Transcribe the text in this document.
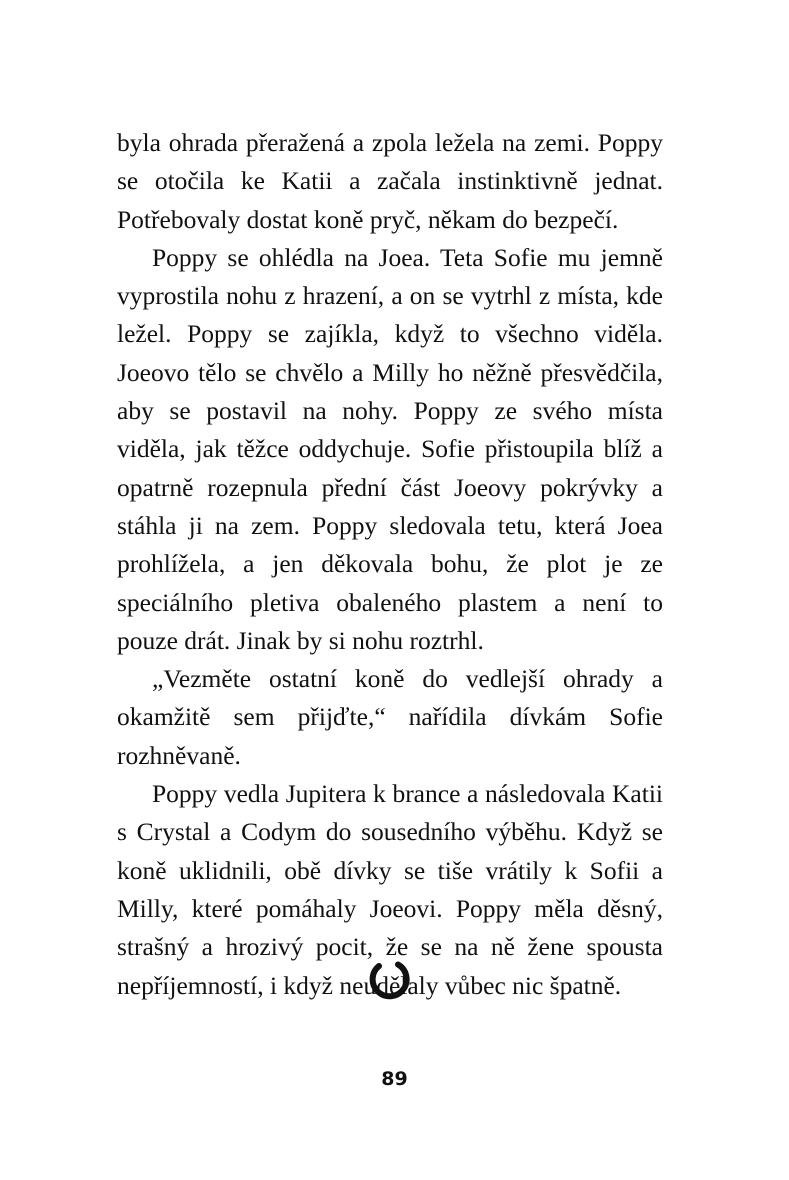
byla ohrada přeražená a zpola ležela na zemi. Poppy se otočila ke Katii a začala instinktivně jednat. Potřebovaly dostat koně pryč, někam do bezpečí.

Poppy se ohlédla na Joea. Teta Sofie mu jemně vyprostila nohu z hrazení, a on se vytrhl z místa, kde ležel. Poppy se zajíkla, když to všechno viděla. Joeovo tělo se chvělo a Milly ho něžně přesvědčila, aby se postavil na nohy. Poppy ze svého místa viděla, jak těžce oddychuje. Sofie přistoupila blíž a opatrně rozepnula přední část Joeovy pokrývky a stáhla ji na zem. Poppy sledovala tetu, která Joea prohlížela, a jen děkovala bohu, že plot je ze speciálního pletiva obaleného plastem a není to pouze drát. Jinak by si nohu roztrhl.

„Vezměte ostatní koně do vedlejší ohrady a okamžitě sem přijďte,“ nařídila dívkám Sofie rozhněvaně.

Poppy vedla Jupitera k brance a následovala Katii s Crystal a Codym do sousedního výběhu. Když se koně uklidnili, obě dívky se tiše vrátily k Sofii a Milly, které pomáhaly Joeovi. Poppy měla děsný, strašný a hrozivý pocit, že se na ně žene spousta nepříjemností, i když neudělaly vůbec nic špatně.

89
